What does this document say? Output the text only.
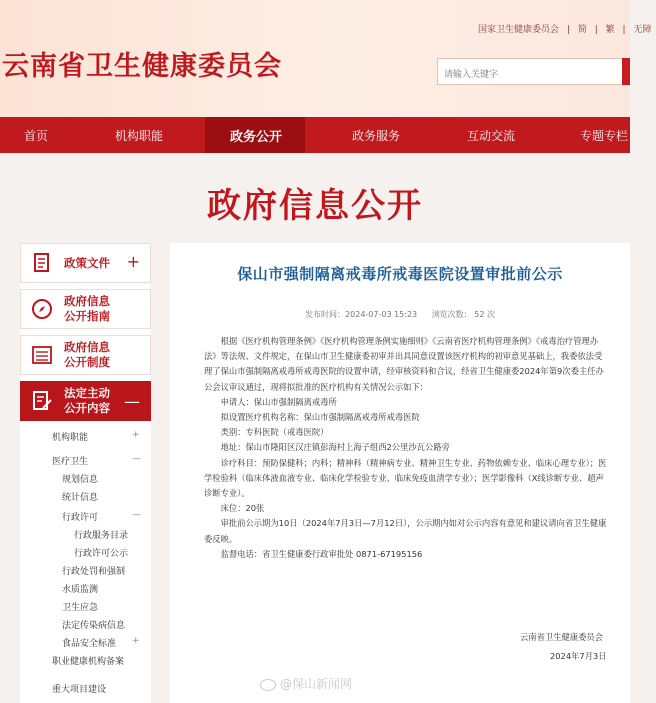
国家卫生健康委员会 | 简 | 繁 | 无障
云南省卫生健康委员会	请输入关键字
首页	机构职能	政务公开	政务服务	互动交流	专题专栏
政府信息公开
政策文件 +
政府信息
公开指南
政府信息
公开制度
法定主动
公开内容 —
机构职能	+
医疗卫生	—
规划信息
统计信息
行政许可	—
行政服务目录
行政许可公示
行政处罚和强制
水质监测
卫生应急
法定传染病信息
食品安全标准 +
职业健康机构备案
重大项目建设
保山市强制隔离戒毒所戒毒医院设置审批前公示
发布时间：2024-07-03 15:23 浏览次数： 52 次

根据《医疗机构管理条例》《医疗机构管理条例实施细则》《云南省医疗机构管理条例》《戒毒治疗管理办法》等法规、文件规定，在保山市卫生健康委初审并出具同意设置该医疗机构的初审意见基础上，我委依法受理了保山市强制隔离戒毒所戒毒医院的设置申请，经审核资料和合议，经省卫生健康委2024年第9次委主任办公会议审议通过，现将拟批准的医疗机构有关情况公示如下：

申请人：保山市强制隔离戒毒所

拟设置医疗机构名称：保山市强制隔离戒毒所戒毒医院

类别：专科医院（戒毒医院）

地址：保山市隆阳区汉庄镇彭海村上海子组西2公里沙瓦公路旁

诊疗科目：预防保健科；内科；精神科（精神病专业、精神卫生专业、药物依赖专业、临床心理专业）；医学检验科（临床体液血液专业、临床化学检验专业、临床免疫血清学专业）；医学影像科（X线诊断专业、超声诊断专业）。

床位：20张

审批前公示期为10日（2024年7月3日—7月12日），公示期内如对公示内容有意见和建议请向省卫生健康委反映。

监督电话：省卫生健康委行政审批处 0871-67195156

云南省卫生健康委员会
2024年7月3日
@保山新闻网
